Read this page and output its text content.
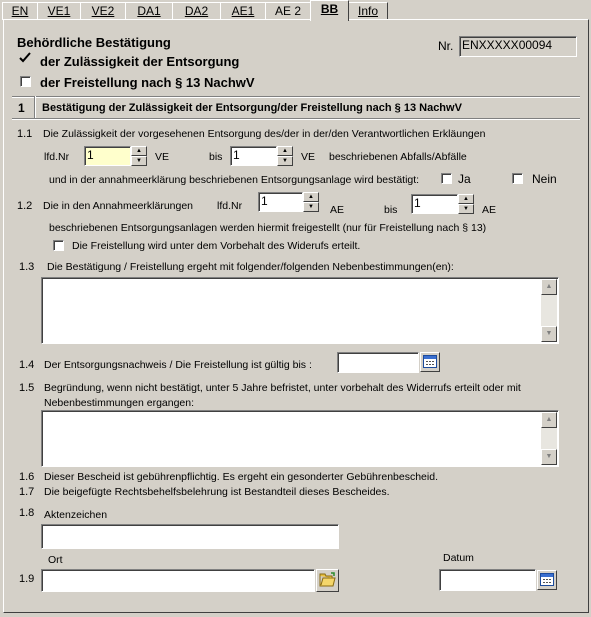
EN	VE1	VE2	DA1	DA2	AE1	AE 2	BB	Info
Behördliche Bestätigung	Nr. ENXXXXX00094
der Zulässigkeit der Entsorgung
der Freistellung nach § 13 NachwV
1 Bestätigung der Zulässigkeit der Entsorgung/der Freistellung nach § 13 NachwV
1.1 Die Zulässigkeit der vorgesehenen Entsorgung des/der in der/den Verantwortlichen Erkläungen
lfd.Nr 1	▲
▼ VE	bis 1	▲
▼ VE beschriebenen Abfalls/Abfälle
und in der annahmeerklärung beschriebenen Entsorgungsanlage wird bestätigt:	Ja	Nein
1.2 Die in den Annahmeerklärungen lfd.Nr 1	▲
▼ AE	bis 1	▲
▼ AE
beschriebenen Entsorgungsanlagen werden hiermit freigestellt (nur für Freistellung nach § 13)
Die Freistellung wird unter dem Vorbehalt des Widerufs erteilt.
1.3 Die Bestätigung / Freistellung ergeht mit folgender/folgenden Nebenbestimmungen(en):
▲
▼
1.4 Der Entsorgungsnachweis / Die Freistellung ist gültig bis :
1.5 Begründung, wenn nicht bestätigt, unter 5 Jahre befristet, unter vorbehalt des Widerrufs erteilt oder mit
Nebenbestimmungen ergangen:
▲
▼
1.6 Dieser Bescheid ist gebührenpflichtig. Es ergeht ein gesonderter Gebührenbescheid.
1.7 Die beigefügte Rechtsbehelfsbelehrung ist Bestandteil dieses Bescheides.
1.8 Aktenzeichen
Ort	Datum
1.9
